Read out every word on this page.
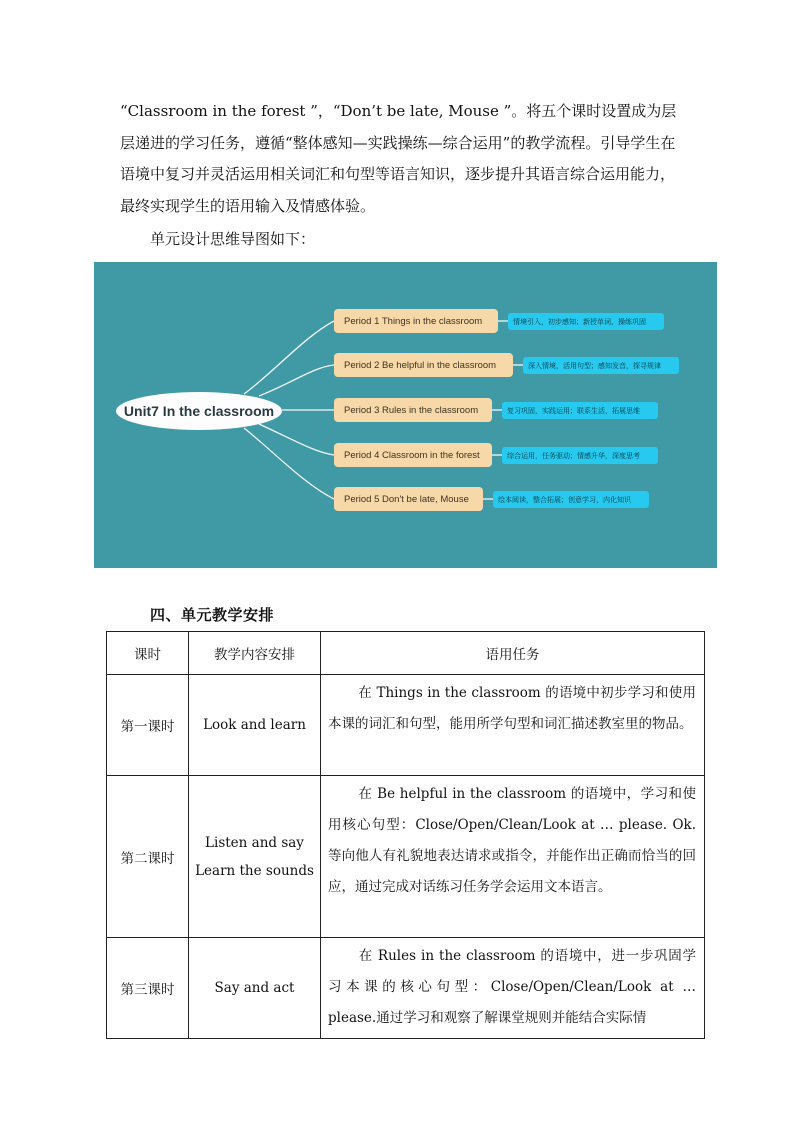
“Classroom in the forest ”，“Don’t be late, Mouse ”。将五个课时设置成为层层递进的学习任务，遵循“整体感知—实践操练—综合运用”的教学流程。引导学生在语境中复习并灵活运用相关词汇和句型等语言知识，逐步提升其语言综合运用能力，最终实现学生的语用输入及情感体验。

单元设计思维导图如下：

Unit7 In the classroom
Period 1 Things in the classroom	情境引入，初步感知；新授单词，操练巩固
Period 2 Be helpful in the classroom	深入情境，活用句型；感知发音，探寻规律
Period 3 Rules in the classroom	复习巩固，实践运用；联系生活，拓展思维
Period 4 Classroom in the forest	综合运用，任务驱动；情感升华，深度思考
Period 5 Don't be late, Mouse	绘本阅读，整合拓展；创意学习，内化知识
四、单元教学安排
课时	教学内容安排	语用任务
第一课时	Look and learn	在 Things in the classroom 的语境中初步学习和使用本课的词汇和句型，能用所学句型和词汇描述教室里的物品。
第二课时	Listen and say
Learn the sounds	在 Be helpful in the classroom 的语境中，学习和使用核心句型：Close/Open/Clean/Look at … please. Ok.等向他人有礼貌地表达请求或指令，并能作出正确而恰当的回应，通过完成对话练习任务学会运用文本语言。
第三课时	Say and act	在 Rules in the classroom 的语境中，进一步巩固学习本课的核心句型：Close/Open/Clean/Look at … please.通过学习和观察了解课堂规则并能结合实际情
